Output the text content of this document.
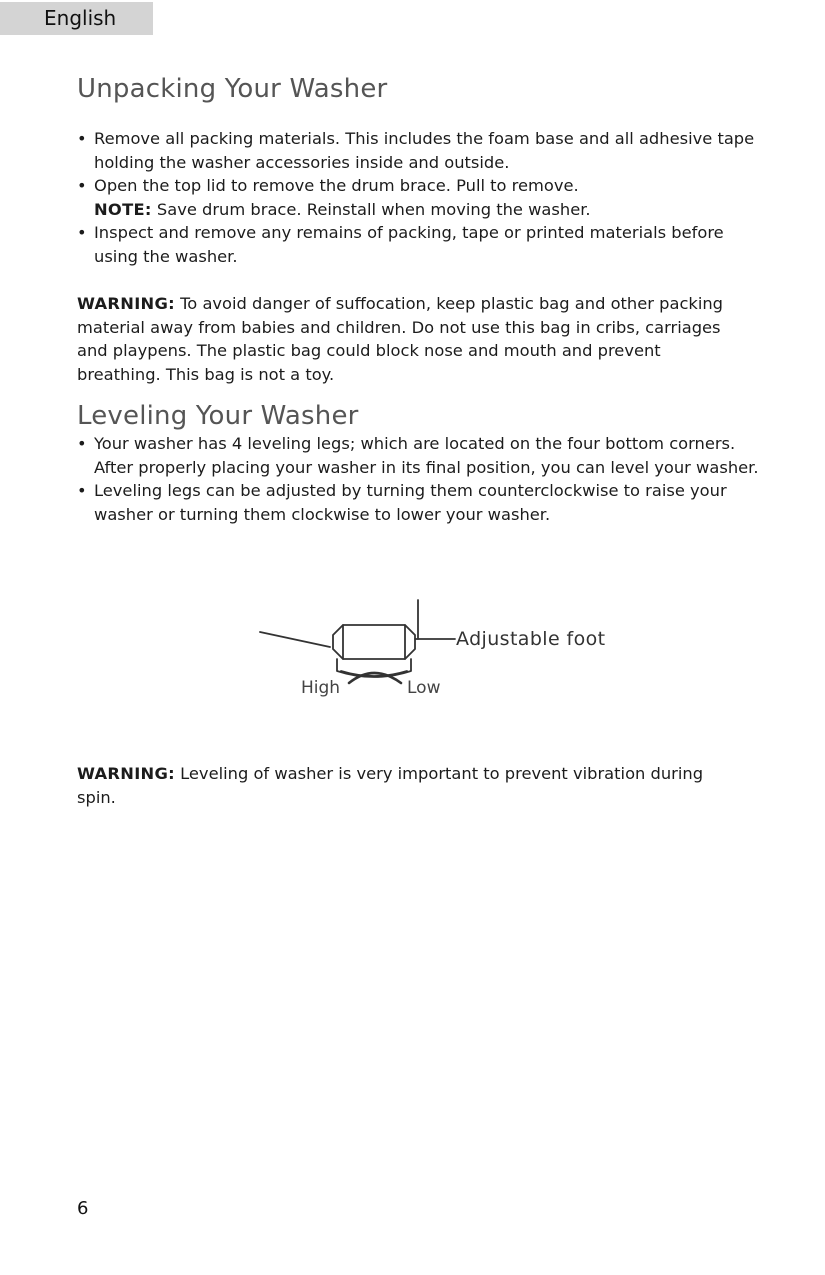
English
Unpacking Your Washer
• Remove all packing materials. This includes the foam base and all adhesive tape holding the washer accessories inside and outside.
• Open the top lid to remove the drum brace. Pull to remove.
NOTE: Save drum brace. Reinstall when moving the washer.
• Inspect and remove any remains of packing, tape or printed materials before using the washer.

WARNING: To avoid danger of suffocation, keep plastic bag and other packing material away from babies and children. Do not use this bag in cribs, carriages and playpens. The plastic bag could block nose and mouth and prevent breathing. This bag is not a toy.

Leveling Your Washer
• Your washer has 4 leveling legs; which are located on the four bottom corners. After properly placing your washer in its final position, you can level your washer.
• Leveling legs can be adjusted by turning them counterclockwise to raise your washer or turning them clockwise to lower your washer.

WARNING: Leveling of washer is very important to prevent vibration during spin.

Adjustable foot
High	Low
6
